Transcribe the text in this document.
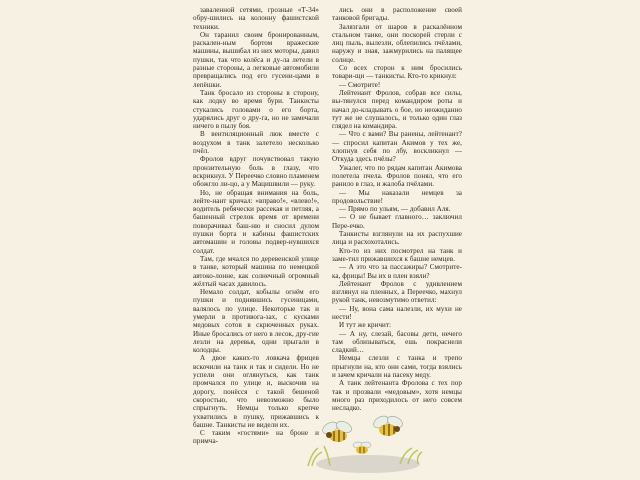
заваленной сетями, грозные «Т-34» обру-шились на колонну фашистской техники.

Он таранил своим бронированным, раскален-ным бортом вражеские машины, вышибал из них моторы, давил пушки, так что колёса и ду-ла летели в разные стороны, а легковые автомобили превращались под его гусени-цами в лепёшки.

Танк бросало из стороны в сторону, как лодку во время бури. Танкисты стукались головами о его борта, ударялись друг о дру-га, но не замечали ничего в пылу боя.

В вентиляционный люк вместе с воздухом в танк залетело несколько пчёл.

Фролов вдруг почувствовал такую пронзительную боль в глазу, что вскрикнул. У Переечко словно пламенем обожгло ли-цо, а у Мацишвили — руку.

Но, не обращая внимания на боль, лейте-нант кричал: «вправо!», «влево!», водитель ребячески рассекая и петляя, а башенный стрелок время от времени поворачивал баш-ню и сносил дулом пушки борта и кабины фашистских автомашин и головы подвер-нувшихся солдат.

Там, где мчался по деревенской улице в танке, который машина по немецкой автоко-лонне, как солнечный огромный жёлтый часах давилось.

Немало солдат, кобылы огнём его пушки и поднявшись гусеницами, валялось по улице. Некоторые так и умерли в противога-зах, с кусками медовых сотов в скрюченных руках. Иные бросались от него в лесок, дру-гие лезли на деревья, одни прыгали в колодцы.

А двое каких-то ловкача фрицев вскочили на танк и так и сидели. Но не успели они оглянуться, как танк промчался по улице и, выскочив на дорогу, понёсся с такой бешеной скоростью, что невозможно было спрыгнуть. Немцы только крепче ухватились в пушку, прижавшись к башне. Танкисты не видели их.

С таким «гостями» на броне и примча-

лись они в расположение своей танковой бригады.

Залязгали от шаров в раскалённом стальном танке, они поскорей стерли с лиц пыль, вылезли, облепились пчёлами, наружу и зная, зажмурились на палящее солнце.

Со всех сторон к ним бросились товари-щи — танкисты. Кто-то крикнул:

— Смотрите!

Лейтенант Фролов, собрав все силы, вы-тянулся перед командиром роты и начал до-кладывать о бое, но неожиданно тут же не слушалось, и только один глаз глядел на командира.

— Что с вами? Вы ранены, лейтенант? — спросил капитан Акимов у тех же, хлопнув себя по лбу, воскликнул — Откуда здесь пчёлы?

Ужалег, что по рядам капитан Акимова полетела пчела. Фролов понял, что его ранило в глаз, и жалоба пчёлами.

— Мы наказали немцев за продовольствие!

— Прямо по ульям, — добавил Аля.

— О не бывает главного… заключил Пере-ечко.

Танкисты взглянули на их распухшие лица и расхохотались.

Кто-то из них посмотрел на танк и заме-тил прижавшихся к башне немцев.

— А это что за пассажиры? Смотрите-ка, фрицы! Вы их в плен взяли?

Лейтенант Фролов с удивлением взглянул на пленных, а Переечко, махнул рукой танк, невозмутимо ответил:

— Ну, вона сама налезли, их мухи не нести!

И тут же кричит:

— А ну, слезай, басовы дети, нечего там облизываться, ешь покраснели сладкий…

Немцы слезли с танка и трепо прыгнули на, кто они сами, тогда взялись и зачем кричали на пасеку меду.

А танк лейтенанта Фролова с тех пор так и прозвали «медовым», хотя немцы много раз приходилось от него совсем несладко.
